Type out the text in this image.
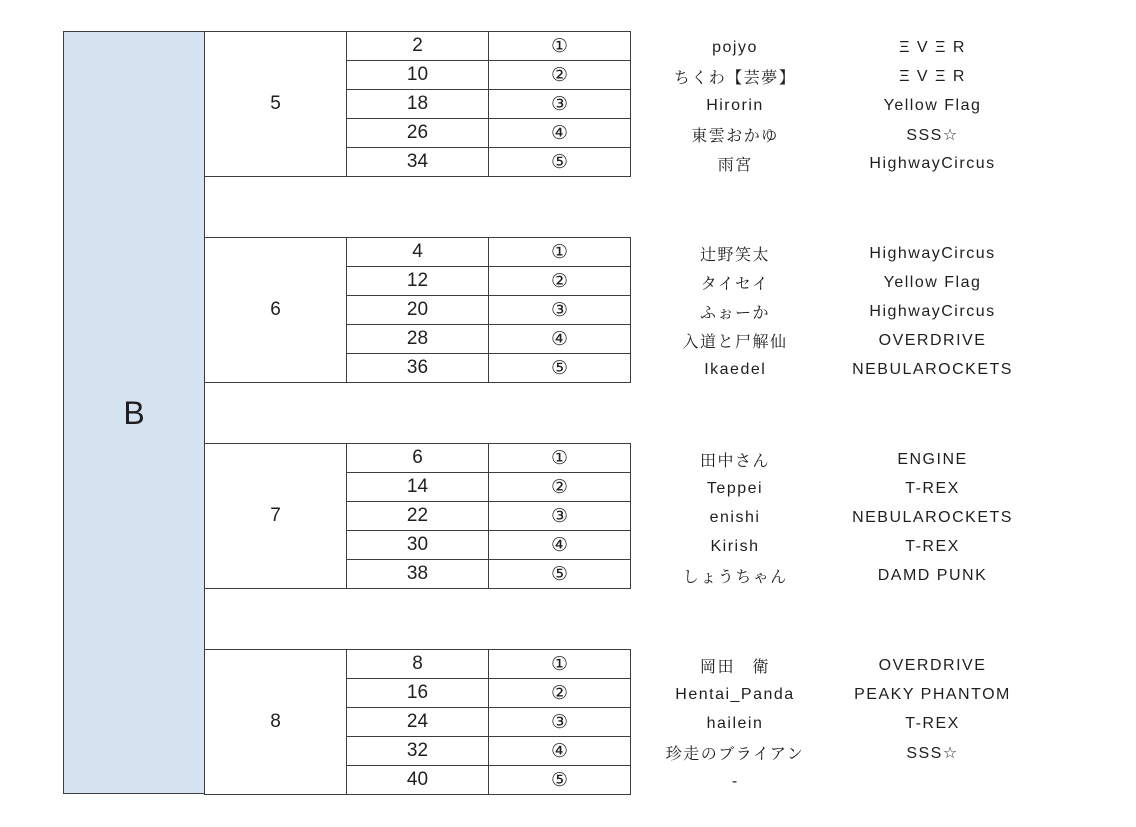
B
5	2	①	pojyo	Ξ V Ξ R
	10	②	ちくわ【芸夢】	Ξ V Ξ R
	18	③	Hirorin	Yellow Flag
	26	④	東雲おかゆ	SSS☆
	34	⑤	雨宮	HighwayCircus
6	4	①	辻野笑太	HighwayCircus
	12	②	タイセイ	Yellow Flag
	20	③	ふぉーか	HighwayCircus
	28	④	入道と尸解仙	OVERDRIVE
	36	⑤	Ikaedel	NEBULAROCKETS
7	6	①	田中さん	ENGINE
	14	②	Teppei	T-REX
	22	③	enishi	NEBULAROCKETS
	30	④	Kirish	T-REX
	38	⑤	しょうちゃん	DAMD PUNK
8	8	①	岡田　衛	OVERDRIVE
	16	②	Hentai_Panda	PEAKY PHANTOM
	24	③	hailein	T-REX
	32	④	珍走のブライアン	SSS☆
	40	⑤	-	
